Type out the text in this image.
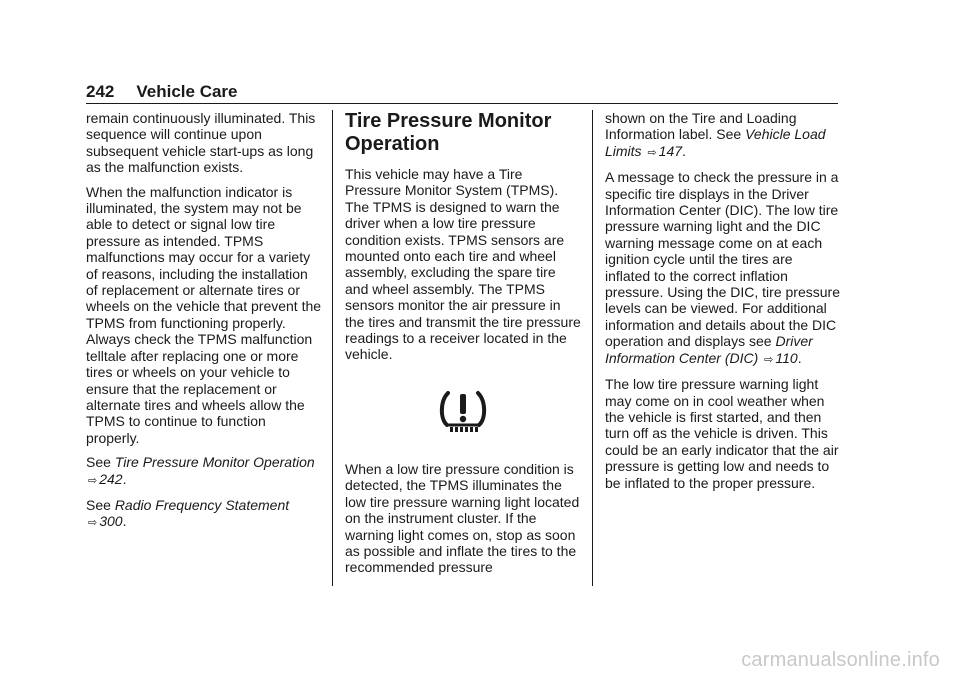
242 Vehicle Care

remain continuously illuminated. This sequence will continue upon subsequent vehicle start-ups as long as the malfunction exists.

When the malfunction indicator is illuminated, the system may not be able to detect or signal low tire pressure as intended. TPMS malfunctions may occur for a variety of reasons, including the installation of replacement or alternate tires or wheels on the vehicle that prevent the TPMS from functioning properly. Always check the TPMS malfunction telltale after replacing one or more tires or wheels on your vehicle to ensure that the replacement or alternate tires and wheels allow the TPMS to continue to function properly.

See Tire Pressure Monitor Operation ⇨ 242.

See Radio Frequency Statement
⇨ 300.

Tire Pressure Monitor Operation

This vehicle may have a Tire Pressure Monitor System (TPMS). The TPMS is designed to warn the driver when a low tire pressure condition exists. TPMS sensors are mounted onto each tire and wheel assembly, excluding the spare tire and wheel assembly. The TPMS sensors monitor the air pressure in the tires and transmit the tire pressure readings to a receiver located in the vehicle.

When a low tire pressure condition is detected, the TPMS illuminates the low tire pressure warning light located on the instrument cluster. If the warning light comes on, stop as soon as possible and inflate the tires to the recommended pressure

shown on the Tire and Loading Information label. See Vehicle Load Limits ⇨ 147.

A message to check the pressure in a specific tire displays in the Driver Information Center (DIC). The low tire pressure warning light and the DIC warning message come on at each ignition cycle until the tires are inflated to the correct inflation pressure. Using the DIC, tire pressure levels can be viewed. For additional information and details about the DIC operation and displays see Driver Information Center (DIC) ⇨ 110.

The low tire pressure warning light may come on in cool weather when the vehicle is first started, and then turn off as the vehicle is driven. This could be an early indicator that the air pressure is getting low and needs to be inflated to the proper pressure.

carmanualsonline.info
